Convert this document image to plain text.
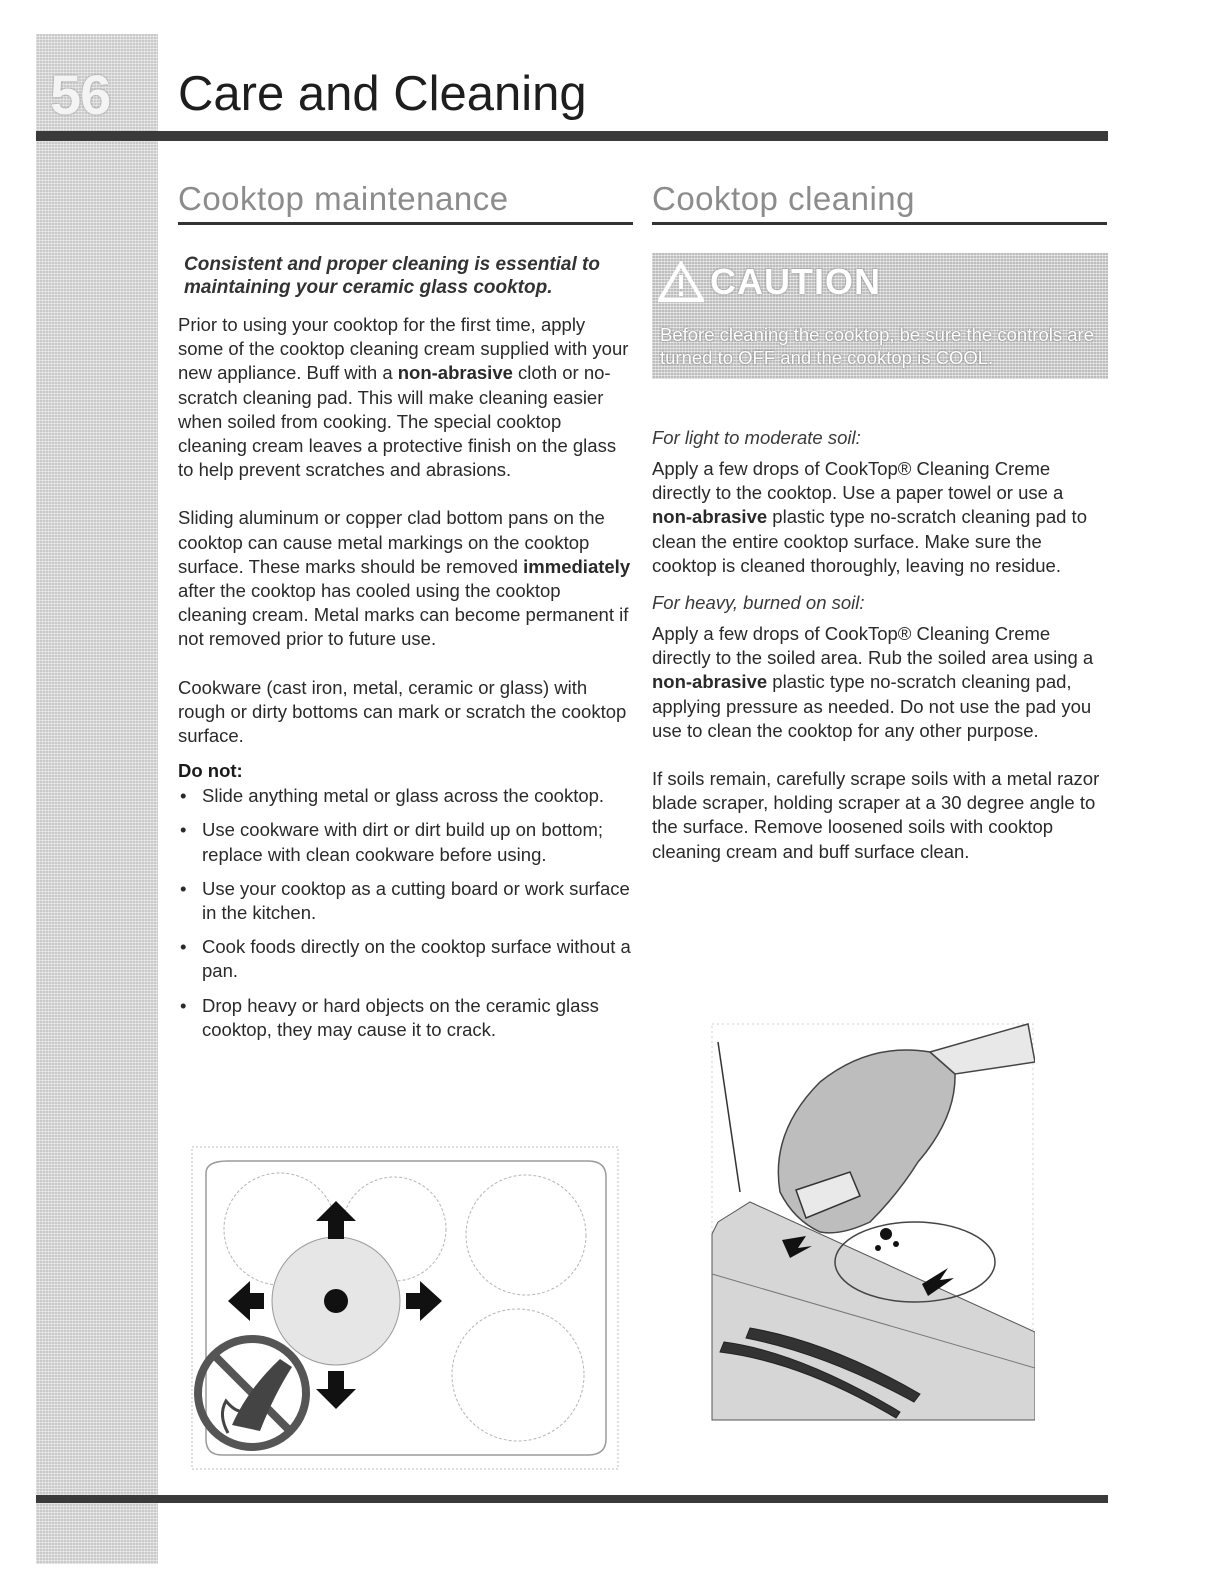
56	Care and Cleaning
Cooktop maintenance
Consistent and proper cleaning is essential to maintaining your ceramic glass cooktop.

Prior to using your cooktop for the first time, apply some of the cooktop cleaning cream supplied with your new appliance. Buff with a non-abrasive cloth or no-scratch cleaning pad. This will make cleaning easier when soiled from cooking. The special cooktop cleaning cream leaves a protective finish on the glass to help prevent scratches and abrasions.

Sliding aluminum or copper clad bottom pans on the cooktop can cause metal markings on the cooktop surface. These marks should be removed immediately after the cooktop has cooled using the cooktop cleaning cream. Metal marks can become permanent if not removed prior to future use.

Cookware (cast iron, metal, ceramic or glass) with rough or dirty bottoms can mark or scratch the cooktop surface.

Do not:
• Slide anything metal or glass across the cooktop.
• Use cookware with dirt or dirt build up on bottom; replace with clean cookware before using.
• Use your cooktop as a cutting board or work surface in the kitchen.
• Cook foods directly on the cooktop surface without a pan.
• Drop heavy or hard objects on the ceramic glass cooktop, they may cause it to crack.
Cooktop cleaning
CAUTION
Before cleaning the cooktop, be sure the controls are turned to OFF and the cooktop is COOL.
For light to moderate soil:

Apply a few drops of CookTop® Cleaning Creme directly to the cooktop. Use a paper towel or use a non-abrasive plastic type no-scratch cleaning pad to clean the entire cooktop surface. Make sure the cooktop is cleaned thoroughly, leaving no residue.

For heavy, burned on soil:

Apply a few drops of CookTop® Cleaning Creme directly to the soiled area. Rub the soiled area using a non-abrasive plastic type no-scratch cleaning pad, applying pressure as needed. Do not use the pad you use to clean the cooktop for any other purpose.

If soils remain, carefully scrape soils with a metal razor blade scraper, holding scraper at a 30 degree angle to the surface. Remove loosened soils with cooktop cleaning cream and buff surface clean.
